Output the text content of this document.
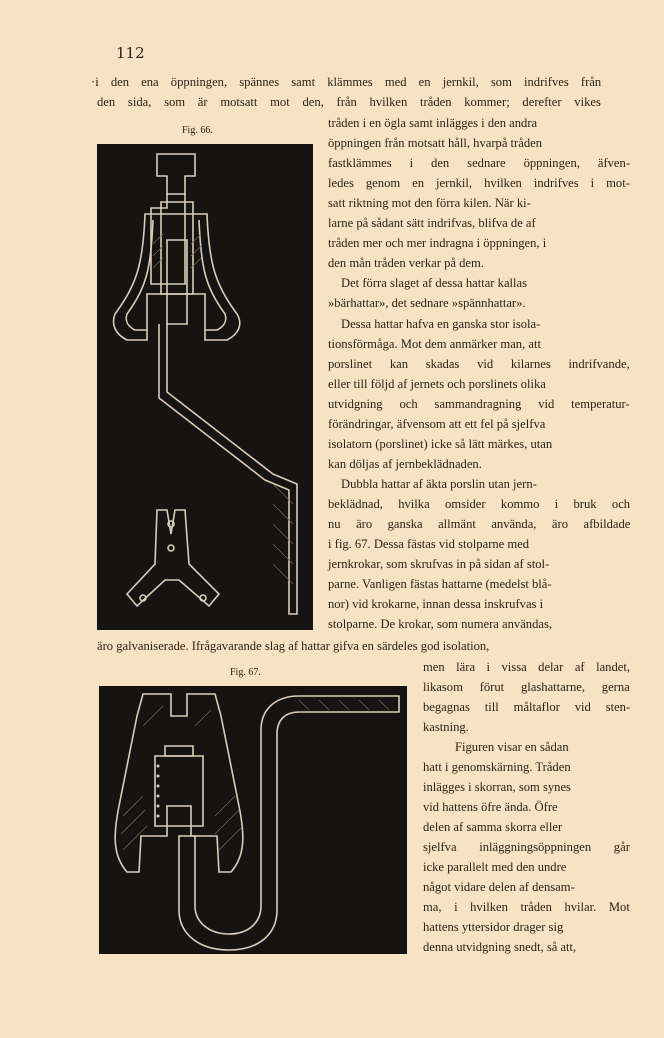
112
·i den ena öppningen, spännes samt klämmes med en jernkil, som indrifves från
den sida, som är motsatt mot den, från hvilken tråden kommer; derefter vikes
Fig. 66.
tråden i en ögla samt inlägges i den andra
öppningen från motsatt håll, hvarpå tråden
fastklämmes i den sednare öppningen, äfven-
ledes genom en jernkil, hvilken indrifves i mot-
satt riktning mot den förra kilen. När ki-
larne på sådant sätt indrifvas, blifva de af
tråden mer och mer indragna i öppningen, i
den mån tråden verkar på dem.
Det förra slaget af dessa hattar kallas
»bärhattar», det sednare »spännhattar».
Dessa hattar hafva en ganska stor isola-
tionsförmåga. Mot dem anmärker man, att
porslinet kan skadas vid kilarnes indrifvande,
eller till följd af jernets och porslinets olika
utvidgning och sammandragning vid temperatur-
förändringar, äfvensom att ett fel på sjelfva
isolatorn (porslinet) icke så lätt märkes, utan
kan döljas af jernbeklädnaden.
Dubbla hattar af äkta porslin utan jern-
beklädnad, hvilka omsider kommo i bruk och
nu äro ganska allmänt använda, äro afbildade
i fig. 67. Dessa fästas vid stolparne med
jernkrokar, som skrufvas in på sidan af stol-
parne. Vanligen fästas hattarne (medelst blå-
nor) vid krokarne, innan dessa inskrufvas i
stolparne. De krokar, som numera användas,
äro galvaniserade. Ifrågavarande slag af hattar gifva en särdeles god isolation,
Fig. 67.	men lära i vissa delar af landet,
likasom förut glashattarne, gerna
begagnas till måltaflor vid sten-
kastning.
Figuren visar en sådan
hatt i genomskärning. Tråden
inlägges i skorran, som synes
vid hattens öfre ända. Öfre
delen af samma skorra eller
sjelfva inläggningsöppningen går
icke parallelt med den undre
något vidare delen af densam-
ma, i hvilken tråden hvilar. Mot
hattens yttersidor drager sig
denna utvidgning snedt, så att,
